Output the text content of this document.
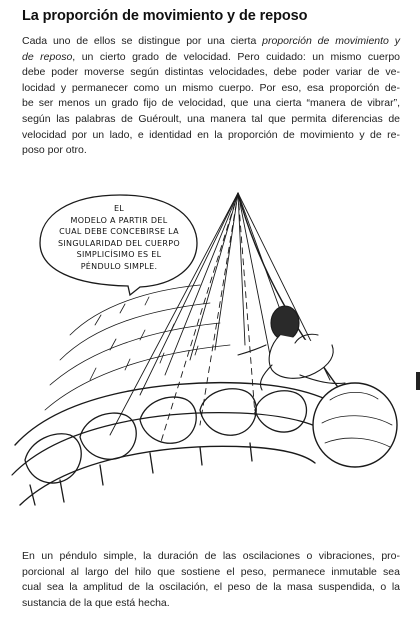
La proporción de movimiento y de reposo

Cada uno de ellos se distingue por una cierta proporción de movimiento y
de reposo, un cierto grado de velocidad. Pero cuidado: un mismo cuerpo
debe poder moverse según distintas velocidades, debe poder variar de ve-
locidad y permanecer como un mismo cuerpo. Por eso, esa proporción de-
be ser menos un grado fijo de velocidad, que una cierta “manera de vibrar”,
según las palabras de Guéroult, una manera tal que permita diferencias de
velocidad por un lado, e identidad en la proporción de movimiento y de re-
poso por otro.

EL
MODELO A PARTIR DEL
CUAL DEBE CONCEBIRSE LA
SINGULARIDAD DEL CUERPO
SIMPLICÍSIMO ES EL
PÉNDULO SIMPLE.

En un péndulo simple, la duración de las oscilaciones o vibraciones, pro-
porcional al largo del hilo que sostiene el peso, permanece inmutable sea
cual sea la amplitud de la oscilación, el peso de la masa suspendida, o la
sustancia de la que está hecha.
